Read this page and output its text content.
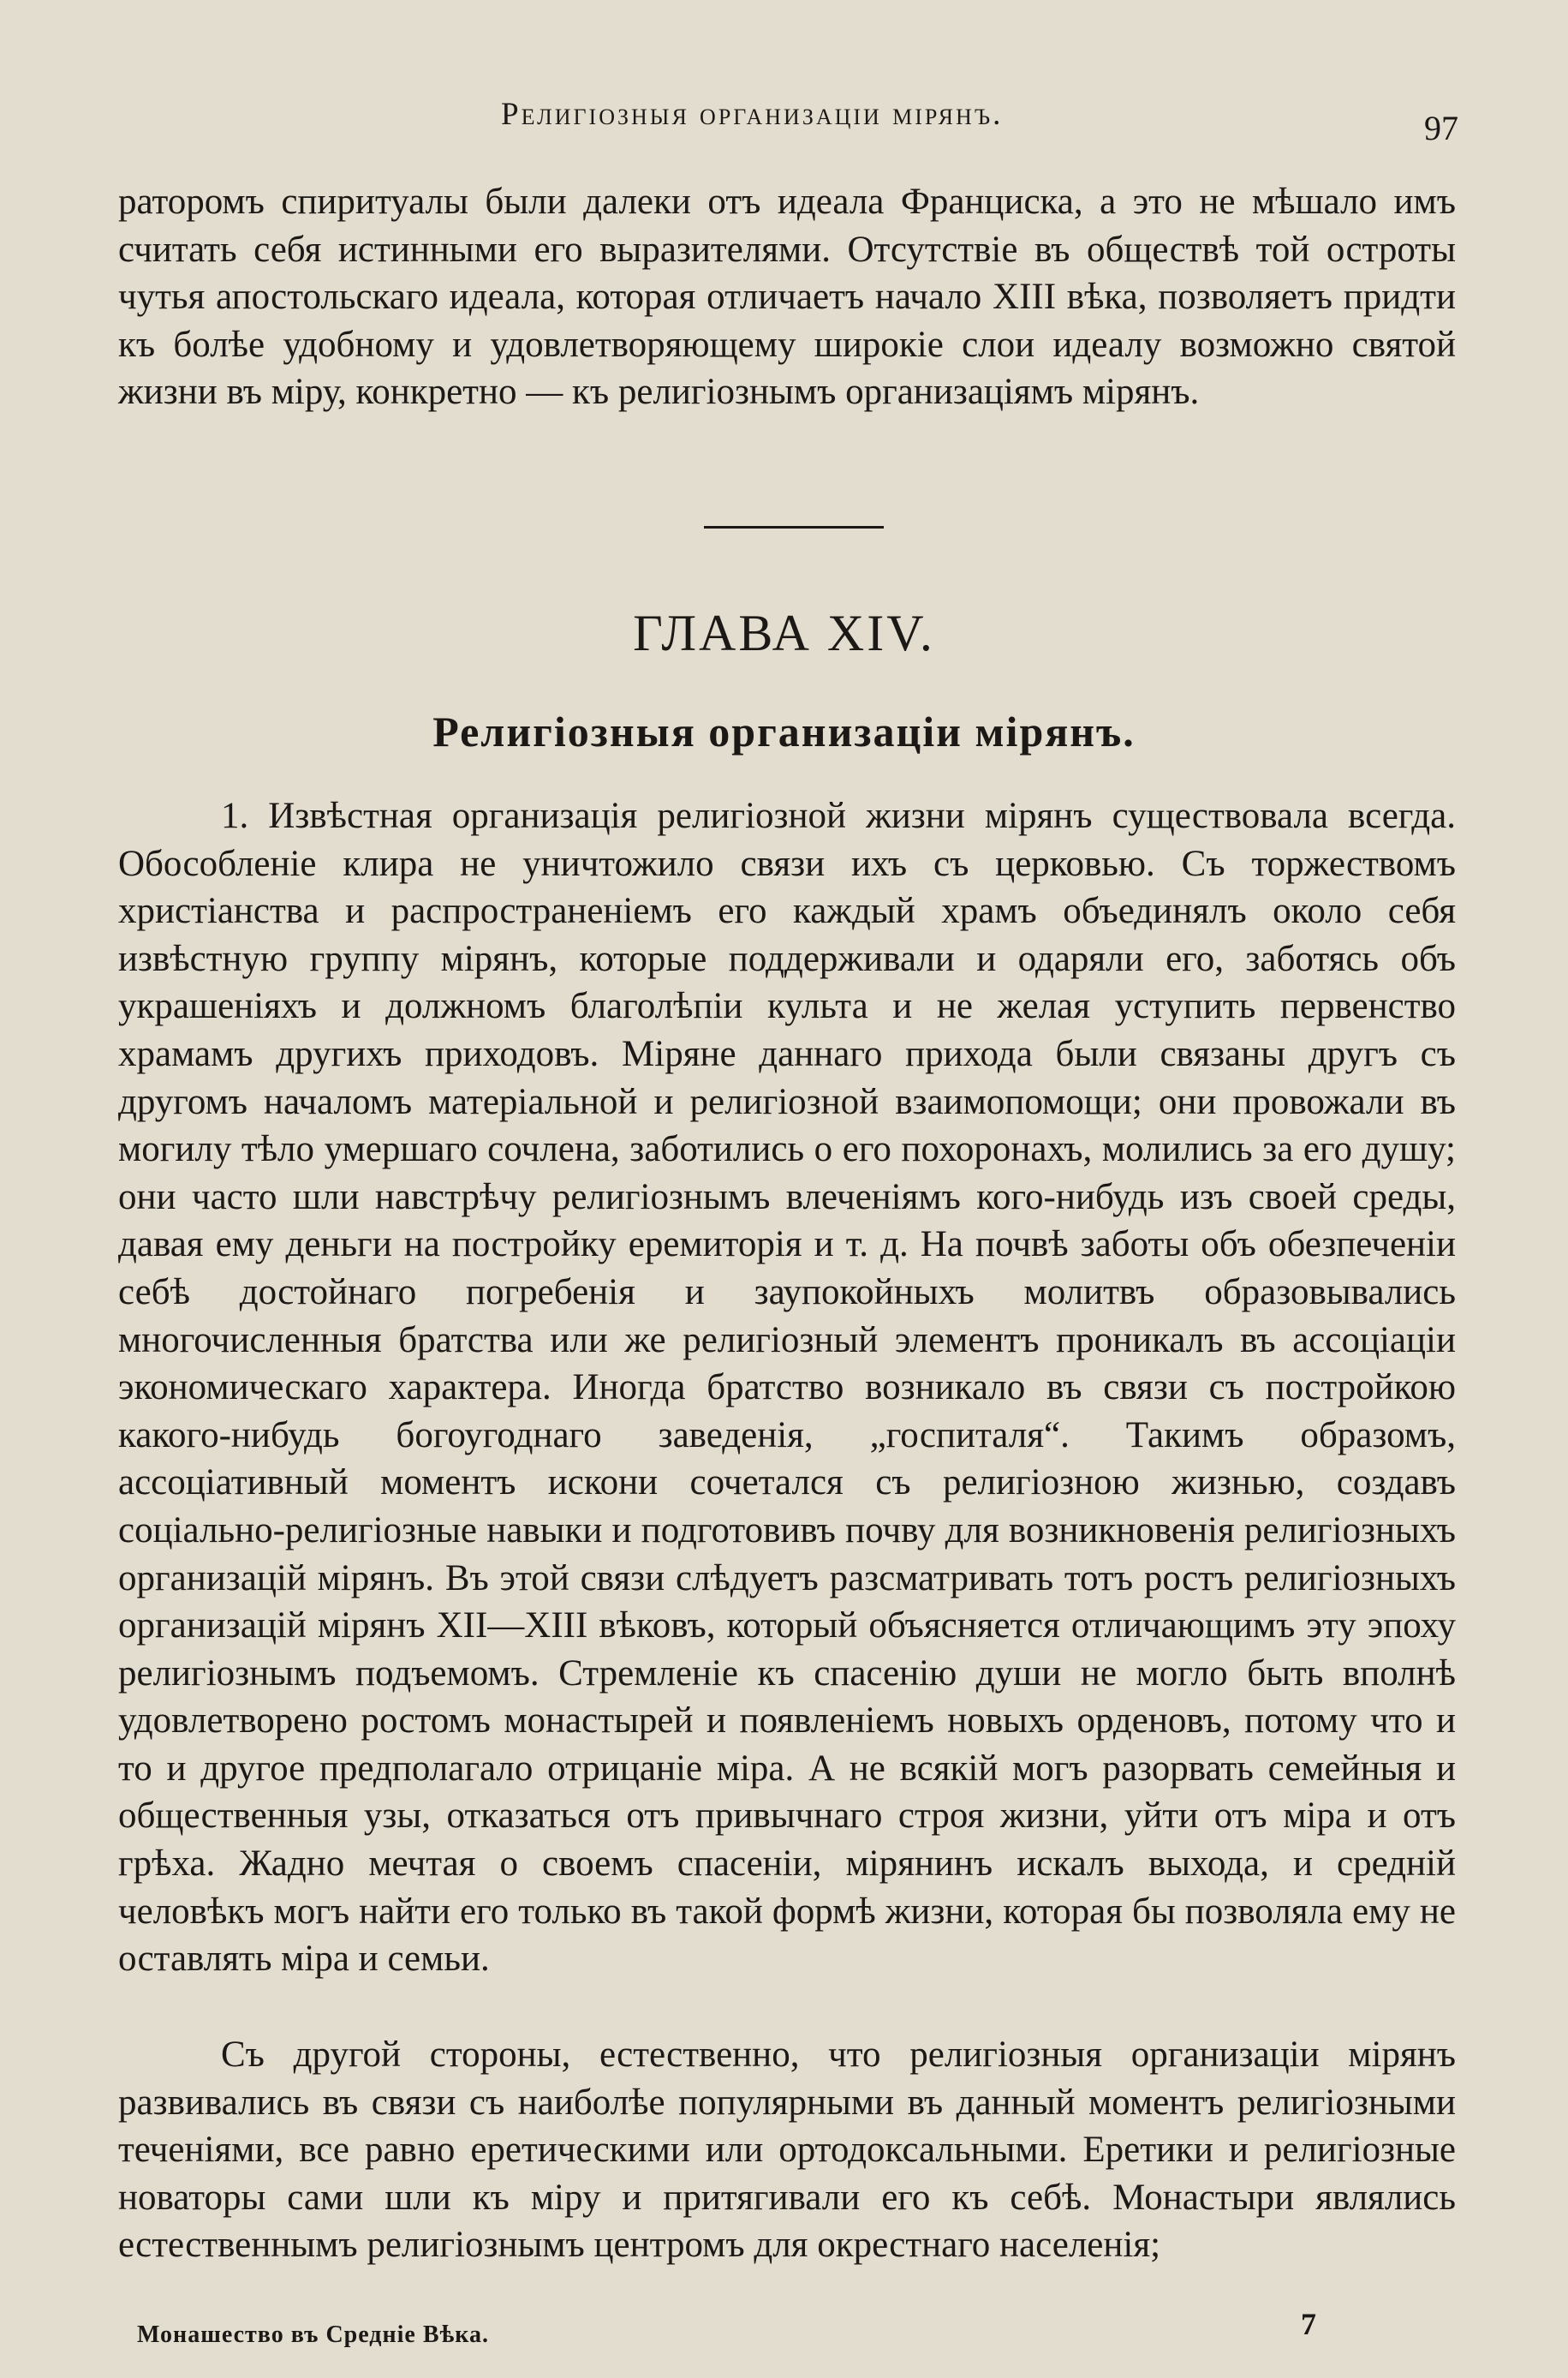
Религіозныя организаціи мірянъ.	97

раторомъ спиритуалы были далеки отъ идеала Франциска, а это не мѣшало имъ считать себя истинными его выразителями. Отсутствіе въ обществѣ той остроты чутья апостольскаго идеала, которая отличаетъ начало XIII вѣка, позволяетъ придти къ болѣе удобному и удовлетворяющему широкіе слои идеалу возможно святой жизни въ міру, конкретно — къ религіознымъ организаціямъ мірянъ.

ГЛАВА XIV.
Религіозныя организаціи мірянъ.

1. Извѣстная организація религіозной жизни мірянъ существовала всегда. Обособленіе клира не уничтожило связи ихъ съ церковью. Съ торжествомъ христіанства и распространеніемъ его каждый храмъ объединялъ около себя извѣстную группу мірянъ, которые поддерживали и одаряли его, заботясь объ украшеніяхъ и должномъ благолѣпіи культа и не желая уступить первенство храмамъ другихъ приходовъ. Міряне даннаго прихода были связаны другъ съ другомъ началомъ матеріальной и религіозной взаимопомощи; они провожали въ могилу тѣло умершаго сочлена, заботились о его похоронахъ, молились за его душу; они часто шли навстрѣчу религіознымъ влеченіямъ кого-нибудь изъ своей среды, давая ему деньги на постройку еремиторія и т. д. На почвѣ заботы объ обезпеченіи себѣ достойнаго погребенія и заупокойныхъ молитвъ образовывались многочисленныя братства или же религіозный элементъ проникалъ въ ассоціаціи экономическаго характера. Иногда братство возникало въ связи съ постройкою какого-нибудь богоугоднаго заведенія, „госпиталя“. Такимъ образомъ, ассоціативный моментъ искони сочетался съ религіозною жизнью, создавъ соціально-религіозные навыки и подготовивъ почву для возникновенія религіозныхъ организацій мірянъ. Въ этой связи слѣдуетъ разсматривать тотъ ростъ религіозныхъ организацій мірянъ XII—XIII вѣковъ, который объясняется отличающимъ эту эпоху религіознымъ подъемомъ. Стремленіе къ спасенію души не могло быть вполнѣ удовлетворено ростомъ монастырей и появленіемъ новыхъ орденовъ, потому что и то и другое предполагало отрицаніе міра. А не всякій могъ разорвать семейныя и общественныя узы, отказаться отъ привычнаго строя жизни, уйти отъ міра и отъ грѣха. Жадно мечтая о своемъ спасеніи, мірянинъ искалъ выхода, и средній человѣкъ могъ найти его только въ такой формѣ жизни, которая бы позволяла ему не оставлять міра и семьи.

Съ другой стороны, естественно, что религіозныя организаціи мірянъ развивались въ связи съ наиболѣе популярными въ данный моментъ религіозными теченіями, все равно еретическими или ортодоксальными. Еретики и религіозные новаторы сами шли къ міру и притягивали его къ себѣ. Монастыри являлись естественнымъ религіознымъ центромъ для окрестнаго населенія;

Монашество въ Средніе Вѣка.	7
